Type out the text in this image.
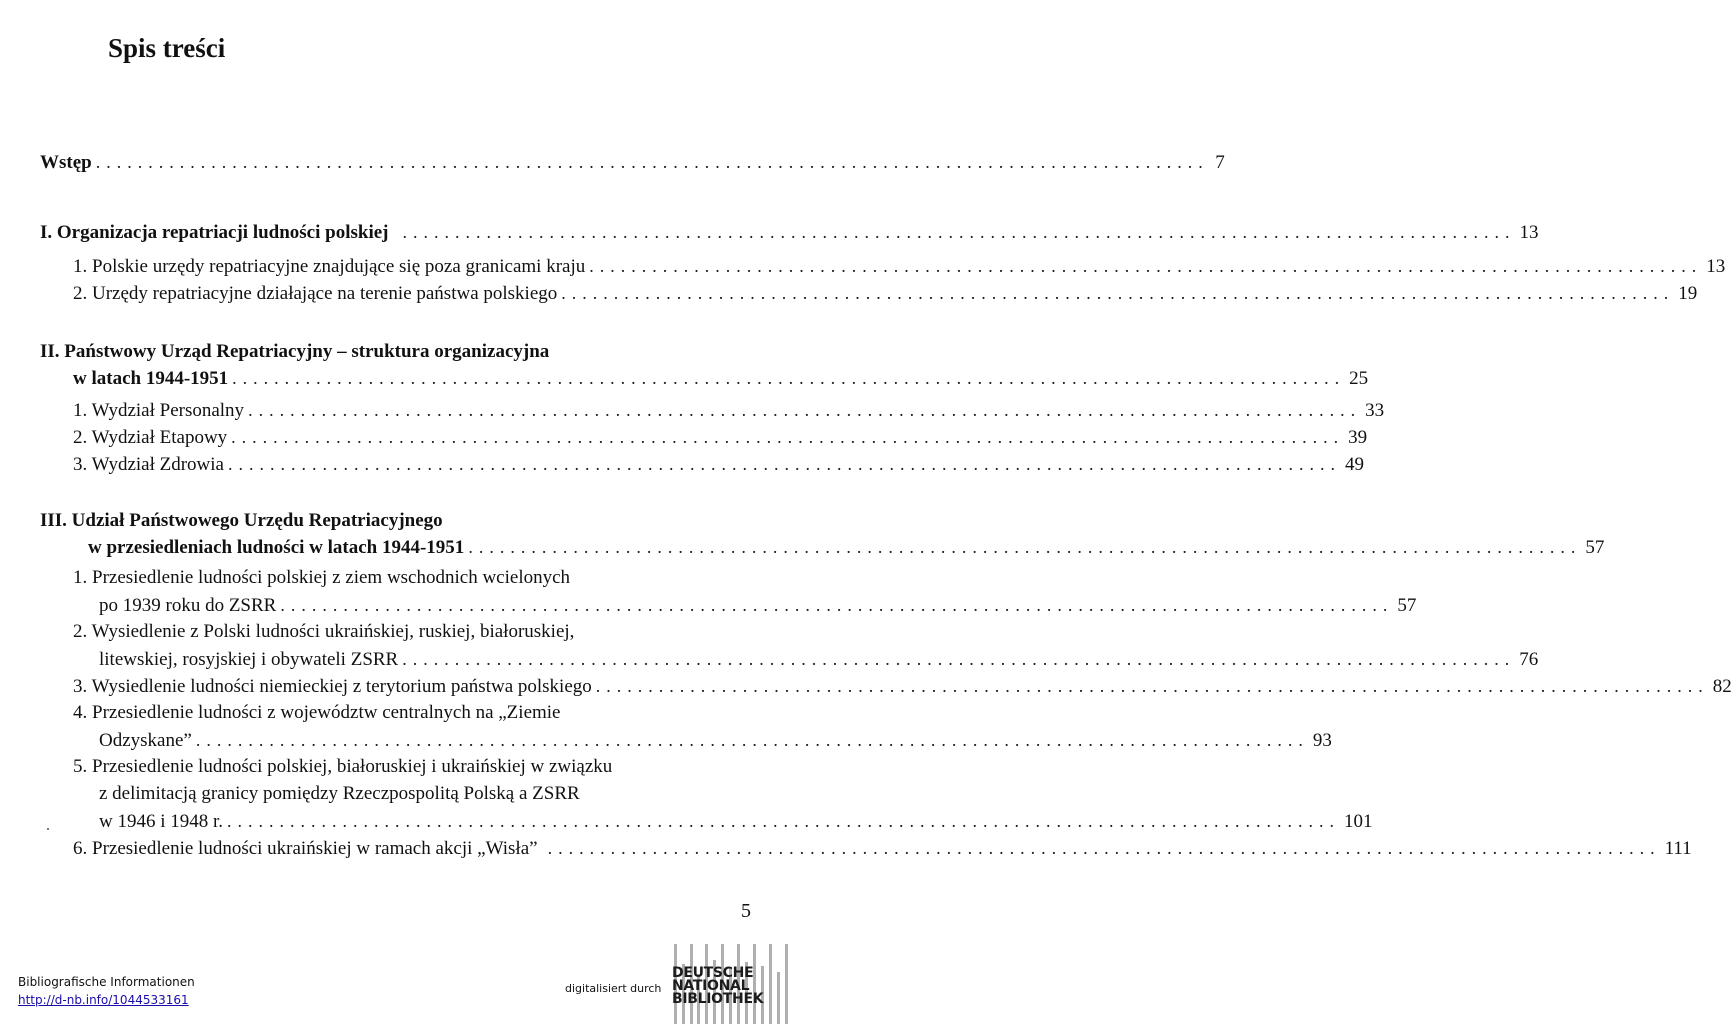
Spis treści
Wstęp .......................................................................................................... 7
I. Organizacja repatriacji ludności polskiej .......................................................................................................... 13
1. Polskie urzędy repatriacyjne znajdujące się poza granicami kraju .......................................................................................................... 13
2. Urzędy repatriacyjne działające na terenie państwa polskiego .......................................................................................................... 19
II. Państwowy Urząd Repatriacyjny – struktura organizacyjna
w latach 1944-1951 .......................................................................................................... 25
1. Wydział Personalny .......................................................................................................... 33
2. Wydział Etapowy .......................................................................................................... 39
3. Wydział Zdrowia .......................................................................................................... 49
III. Udział Państwowego Urzędu Repatriacyjnego
w przesiedleniach ludności w latach 1944-1951 .......................................................................................................... 57
1. Przesiedlenie ludności polskiej z ziem wschodnich wcielonych
po 1939 roku do ZSRR .......................................................................................................... 57
2. Wysiedlenie z Polski ludności ukraińskiej, ruskiej, białoruskiej,
litewskiej, rosyjskiej i obywateli ZSRR .......................................................................................................... 76
3. Wysiedlenie ludności niemieckiej z terytorium państwa polskiego .......................................................................................................... 82
4. Przesiedlenie ludności z województw centralnych na „Ziemie
Odzyskane” .......................................................................................................... 93
5. Przesiedlenie ludności polskiej, białoruskiej i ukraińskiej w związku
z delimitacją granicy pomiędzy Rzeczpospolitą Polską a ZSRR
w 1946 i 1948 r. .......................................................................................................... 101
6. Przesiedlenie ludności ukraińskiej w ramach akcji „Wisła” .......................................................................................................... 111
5
Bibliografische Informationen
http://d-nb.info/1044533161
digitalisiert durch
DEUTSCHE
NATIONAL
BIBLIOTHEK
